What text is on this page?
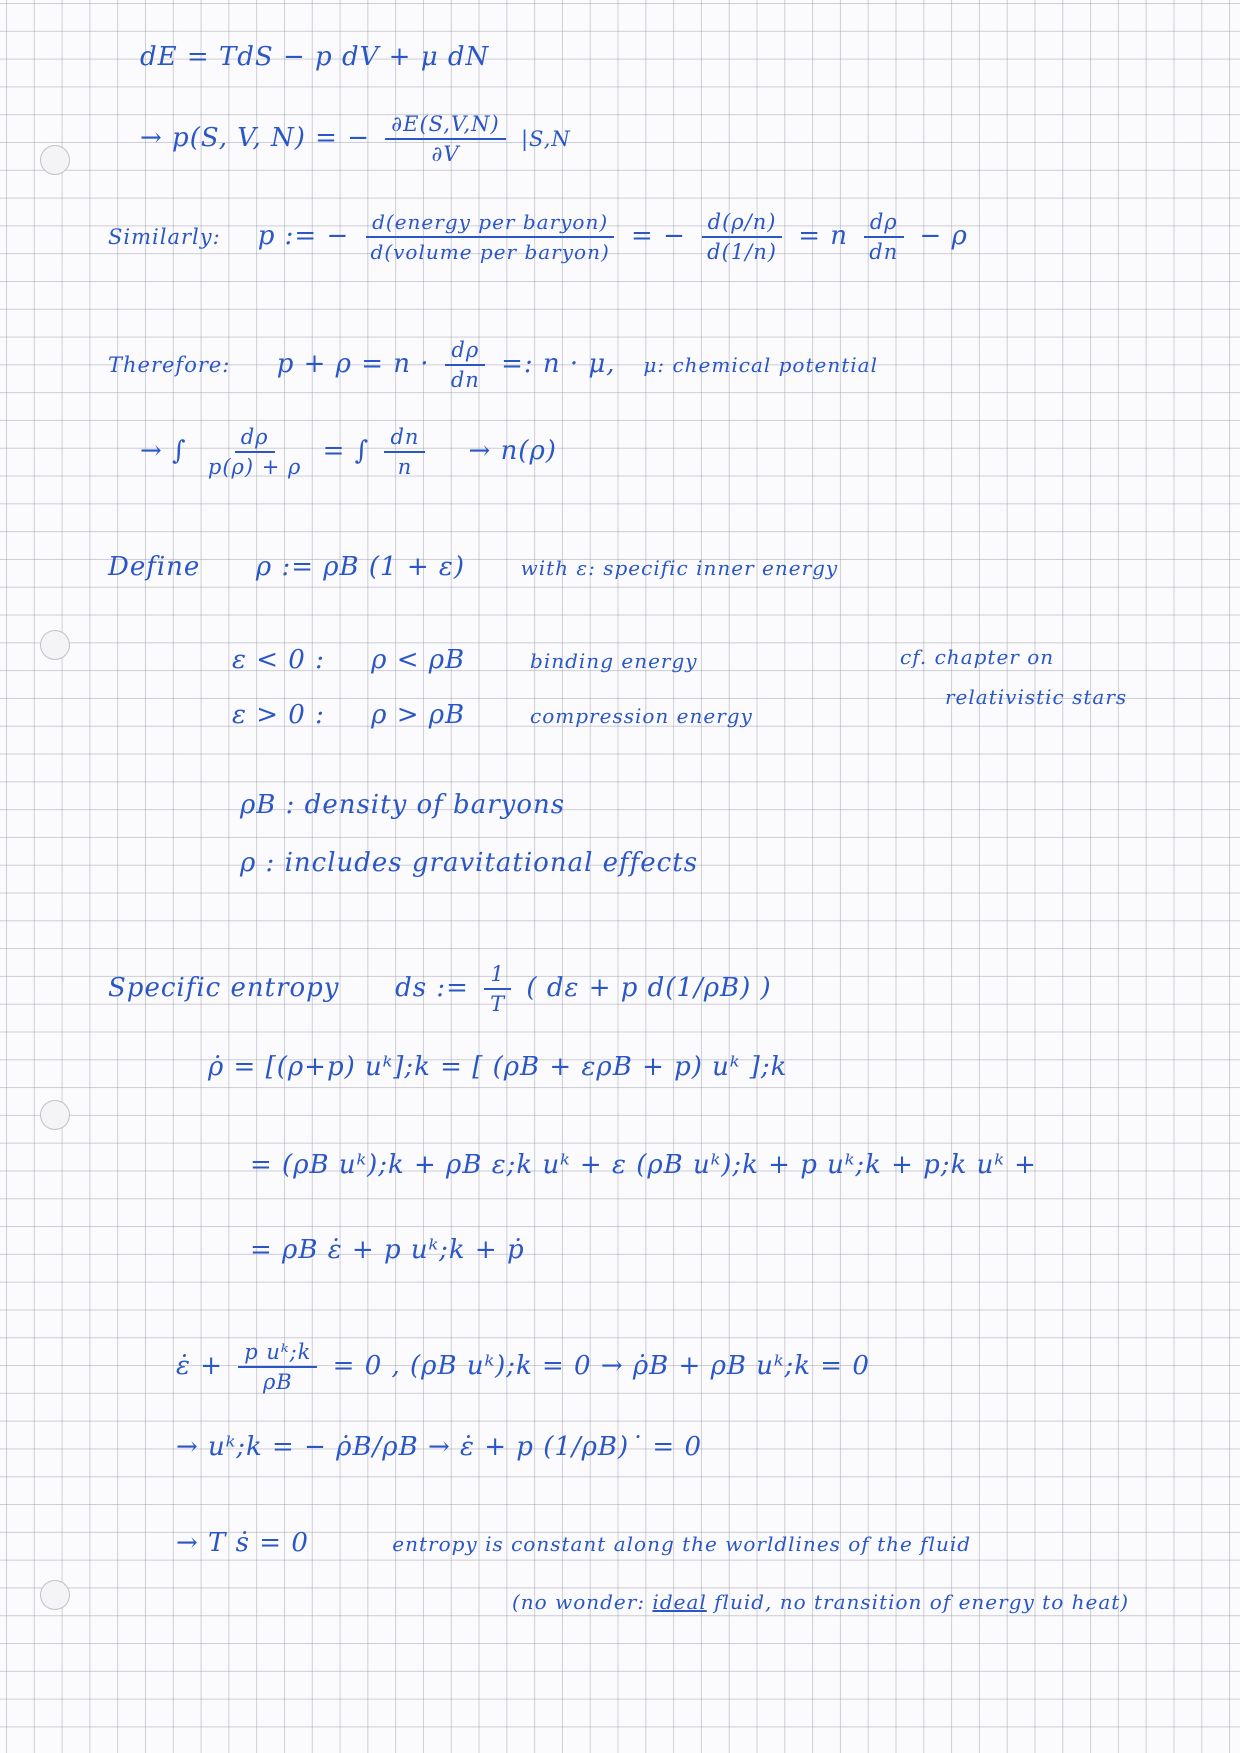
dE = TdS − p dV + μ dN
→ p(S, V, N) = − $\frac{\partial E(S,V,N)}{\partial V} |S,N$
Similarly: p := − $\frac{\text{d(energy per baryon)}}{\text{d(volume per baryon)}}$ = − $\frac{d(\rho/n)}{d(1/n)} = n \frac{d\rho}{dn} - \rho$
Therefore: $p + \rho = n \cdot \frac{d\rho}{dn}$ =: n · μ, μ: chemical potential
→ ∫ $\frac{d\rho}{p(\rho) + \rho}$ = ∫ $\frac{dn}{n} \to n(\rho)$
Define ρ := ρB (1 + ε)	with ε: specific inner energy
ε < 0 : ρ < ρB	binding energy
ε > 0 : ρ > ρB	compression energy
cf. chapter on
relativistic stars
ρB : density of baryons
ρ : includes gravitational effects
Specific entropy ds := $\frac{1}{T}$ ( dε + p d(1/ρB) )
ρ̇ = [(ρ+p) uᵏ];k = [ (ρB + ερB + p) uᵏ ];k
= (ρB uᵏ);k + ρB ε;k uᵏ + ε (ρB uᵏ);k + p uᵏ;k + p;k uᵏ +
= ρB ε̇ + p uᵏ;k + ṗ
ε̇ + $\frac{\text{p uᵏ;k}}{\rho B} = 0$ , (ρB uᵏ);k = 0 → ρ̇B + ρB uᵏ;k = 0
→ uᵏ;k = − ρ̇B/ρB → ε̇ + p (1/ρB)˙ = 0
→ T ṡ = 0	entropy is constant along the worldlines of the fluid
(no wonder: ideal fluid, no transition of energy to heat)
